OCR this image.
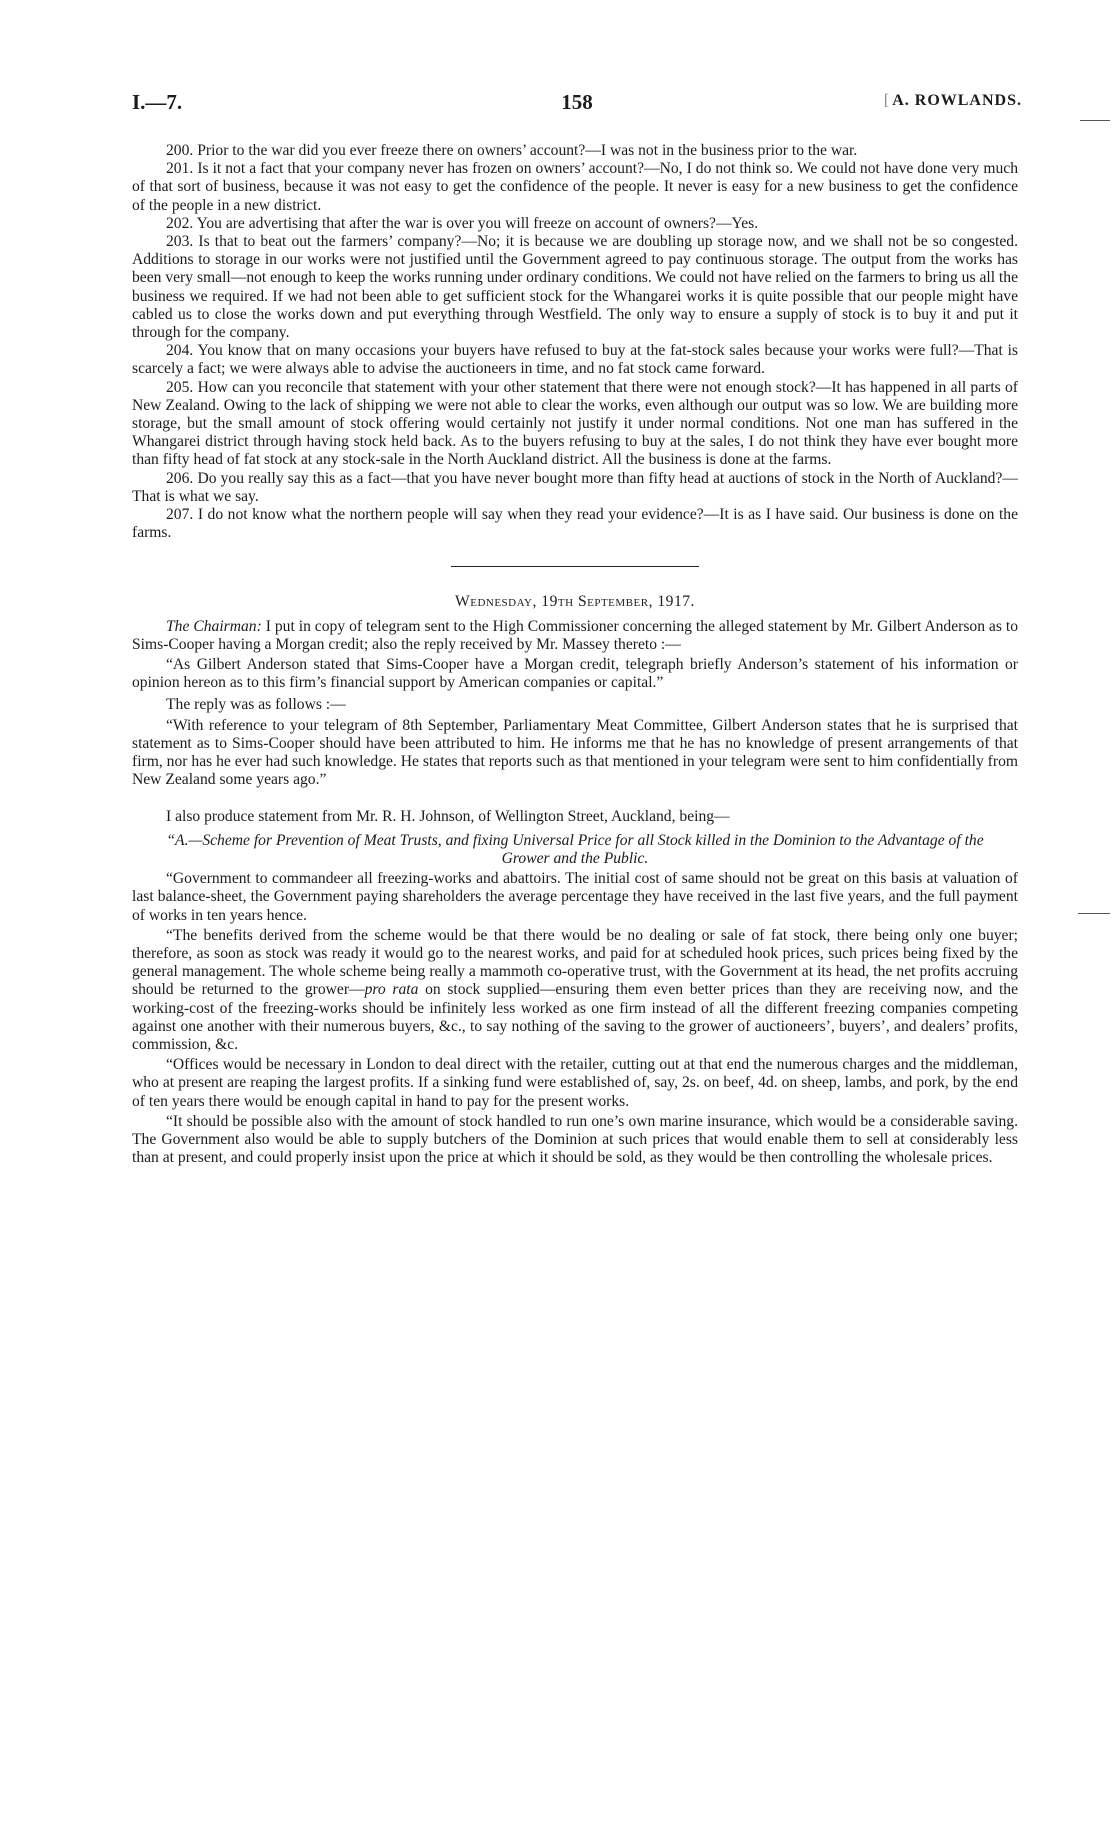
I.—7.	158	[ A. ROWLANDS.

200. Prior to the war did you ever freeze there on owners’ account?—I was not in the business prior to the war.

201. Is it not a fact that your company never has frozen on owners’ account?—No, I do not think so. We could not have done very much of that sort of business, because it was not easy to get the confidence of the people. It never is easy for a new business to get the confidence of the people in a new district.

202. You are advertising that after the war is over you will freeze on account of owners?—Yes.

203. Is that to beat out the farmers’ company?—No; it is because we are doubling up storage now, and we shall not be so congested. Additions to storage in our works were not justified until the Government agreed to pay continuous storage. The output from the works has been very small—not enough to keep the works running under ordinary conditions. We could not have relied on the farmers to bring us all the business we required. If we had not been able to get sufficient stock for the Whangarei works it is quite possible that our people might have cabled us to close the works down and put everything through Westfield. The only way to ensure a supply of stock is to buy it and put it through for the company.

204. You know that on many occasions your buyers have refused to buy at the fat-stock sales because your works were full?—That is scarcely a fact; we were always able to advise the auctioneers in time, and no fat stock came forward.

205. How can you reconcile that statement with your other statement that there were not enough stock?—It has happened in all parts of New Zealand. Owing to the lack of shipping we were not able to clear the works, even although our output was so low. We are building more storage, but the small amount of stock offering would certainly not justify it under normal conditions. Not one man has suffered in the Whangarei district through having stock held back. As to the buyers refusing to buy at the sales, I do not think they have ever bought more than fifty head of fat stock at any stock-sale in the North Auckland district. All the business is done at the farms.

206. Do you really say this as a fact—that you have never bought more than fifty head at auctions of stock in the North of Auckland?—That is what we say.

207. I do not know what the northern people will say when they read your evidence?—It is as I have said. Our business is done on the farms.

Wednesday, 19th September, 1917.

The Chairman: I put in copy of telegram sent to the High Commissioner concerning the alleged statement by Mr. Gilbert Anderson as to Sims-Cooper having a Morgan credit; also the reply received by Mr. Massey thereto :—

“As Gilbert Anderson stated that Sims-Cooper have a Morgan credit, telegraph briefly Anderson’s statement of his information or opinion hereon as to this firm’s financial support by American companies or capital.”

The reply was as follows :—

“With reference to your telegram of 8th September, Parliamentary Meat Committee, Gilbert Anderson states that he is surprised that statement as to Sims-Cooper should have been attributed to him. He informs me that he has no knowledge of present arrangements of that firm, nor has he ever had such knowledge. He states that reports such as that mentioned in your telegram were sent to him confidentially from New Zealand some years ago.”

I also produce statement from Mr. R. H. Johnson, of Wellington Street, Auckland, being—

“A.—Scheme for Prevention of Meat Trusts, and fixing Universal Price for all Stock killed in the Dominion to the Advantage of the Grower and the Public.

“Government to commandeer all freezing-works and abattoirs. The initial cost of same should not be great on this basis at valuation of last balance-sheet, the Government paying shareholders the average percentage they have received in the last five years, and the full payment of works in ten years hence.

“The benefits derived from the scheme would be that there would be no dealing or sale of fat stock, there being only one buyer; therefore, as soon as stock was ready it would go to the nearest works, and paid for at scheduled hook prices, such prices being fixed by the general management. The whole scheme being really a mammoth co-operative trust, with the Government at its head, the net profits accruing should be returned to the grower—pro rata on stock supplied—ensuring them even better prices than they are receiving now, and the working-cost of the freezing-works should be infinitely less worked as one firm instead of all the different freezing companies competing against one another with their numerous buyers, &c., to say nothing of the saving to the grower of auctioneers’, buyers’, and dealers’ profits, commission, &c.

“Offices would be necessary in London to deal direct with the retailer, cutting out at that end the numerous charges and the middleman, who at present are reaping the largest profits. If a sinking fund were established of, say, 2s. on beef, 4d. on sheep, lambs, and pork, by the end of ten years there would be enough capital in hand to pay for the present works.

“It should be possible also with the amount of stock handled to run one’s own marine insurance, which would be a considerable saving. The Government also would be able to supply butchers of the Dominion at such prices that would enable them to sell at considerably less than at present, and could properly insist upon the price at which it should be sold, as they would be then controlling the wholesale prices.
